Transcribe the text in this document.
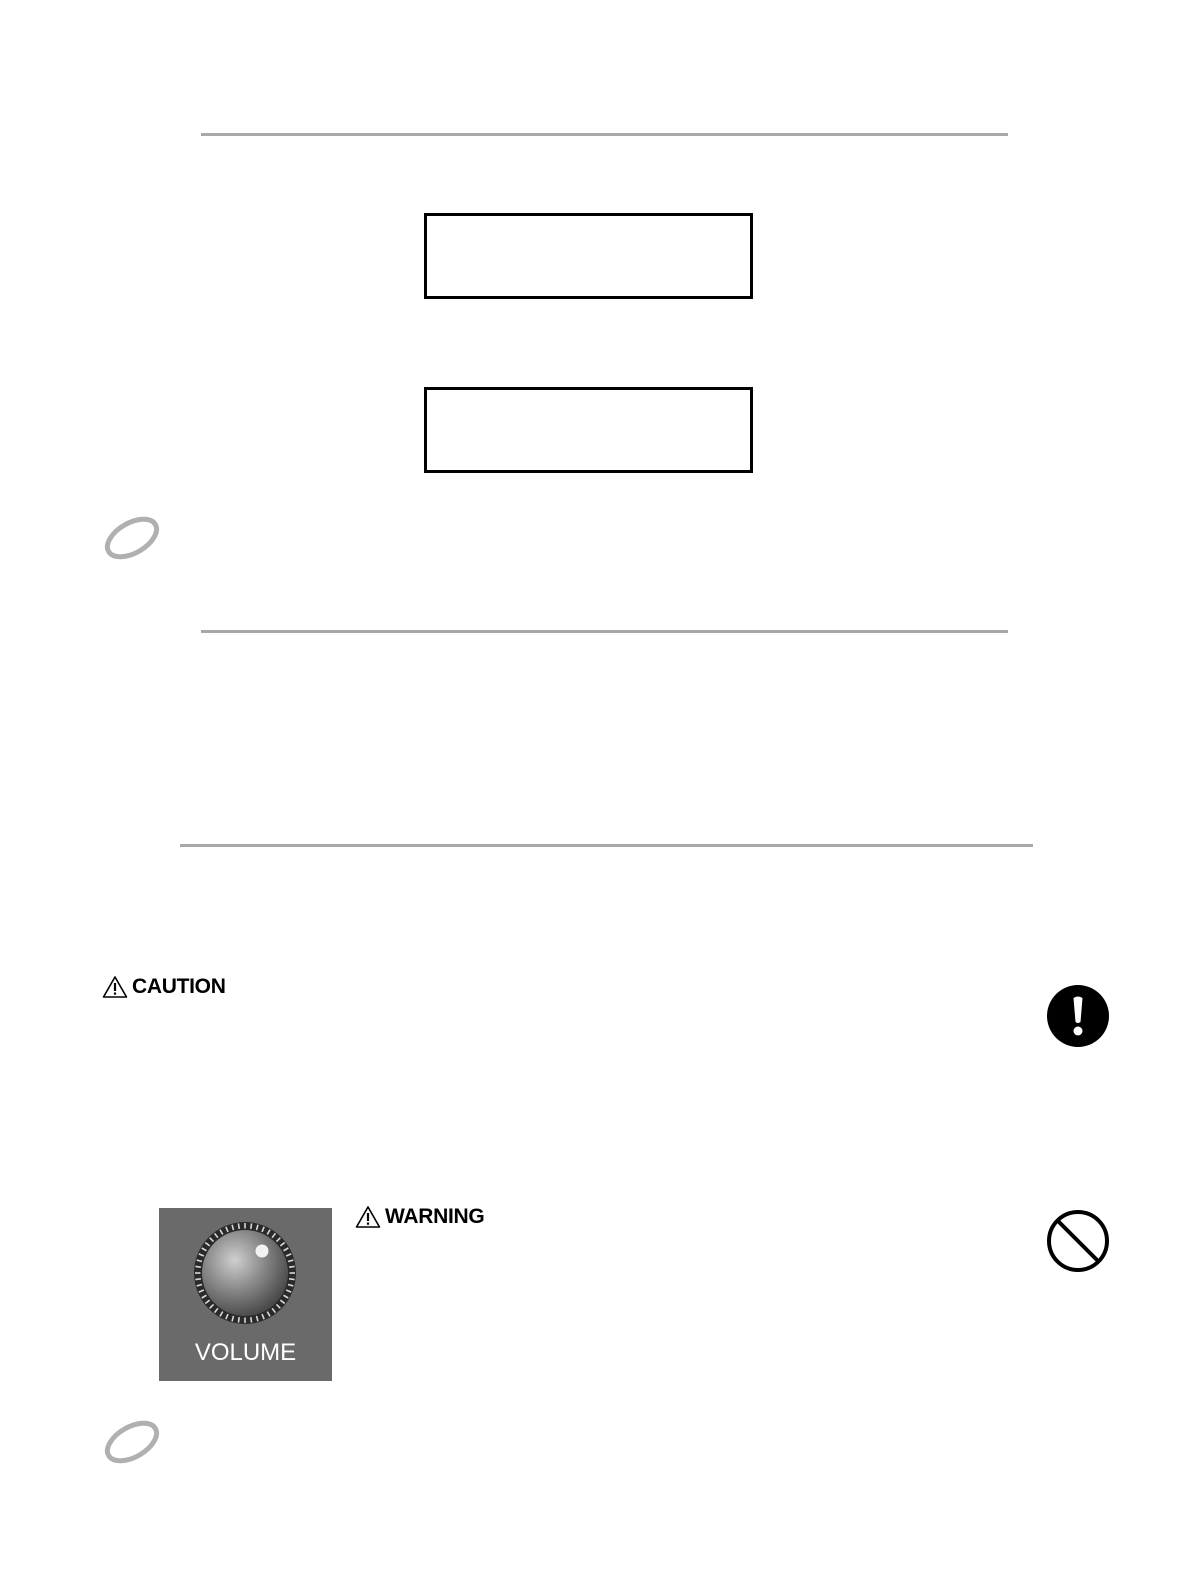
CAUTION
VOLUME
WARNING
